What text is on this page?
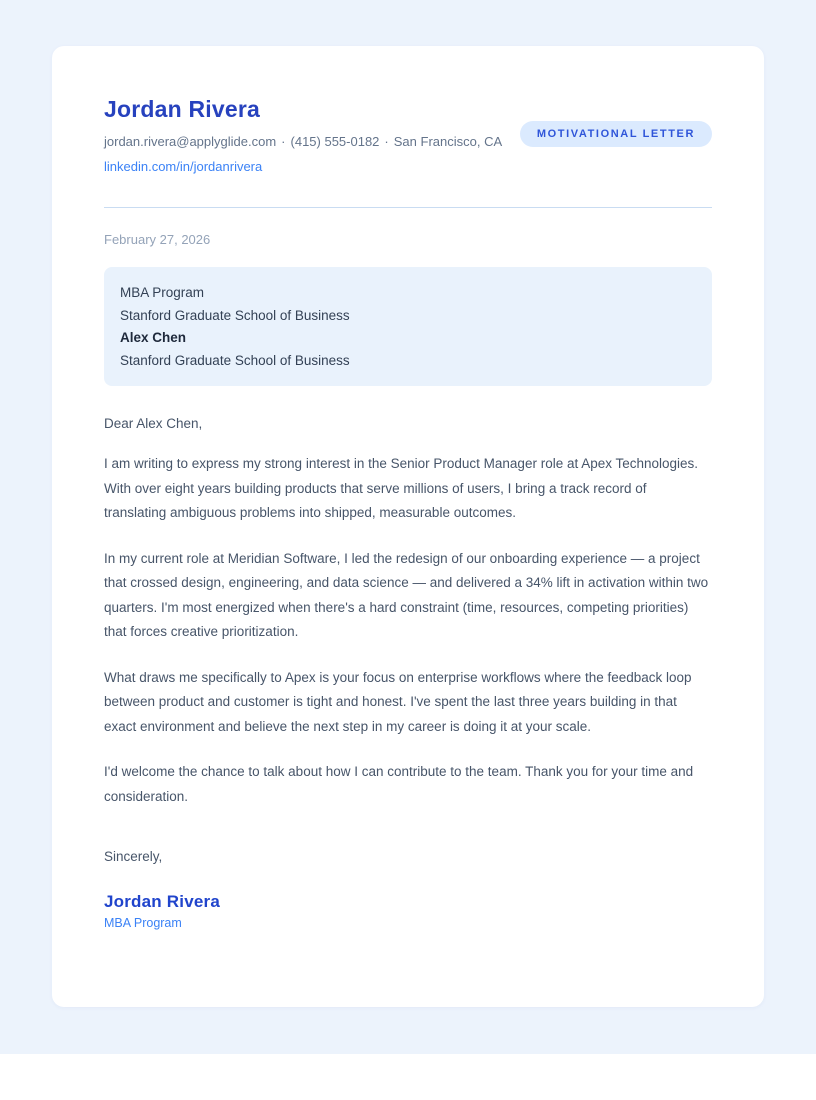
Jordan Rivera
jordan.rivera@applyglide.com · (415) 555-0182 · San Francisco, CA
linkedin.com/in/jordanrivera
MOTIVATIONAL LETTER
February 27, 2026
MBA Program
Stanford Graduate School of Business
Alex Chen
Stanford Graduate School of Business
Dear Alex Chen,

I am writing to express my strong interest in the Senior Product Manager role at Apex Technologies. With over eight years building products that serve millions of users, I bring a track record of translating ambiguous problems into shipped, measurable outcomes.

In my current role at Meridian Software, I led the redesign of our onboarding experience — a project that crossed design, engineering, and data science — and delivered a 34% lift in activation within two quarters. I'm most energized when there's a hard constraint (time, resources, competing priorities) that forces creative prioritization.

What draws me specifically to Apex is your focus on enterprise workflows where the feedback loop between product and customer is tight and honest. I've spent the last three years building in that exact environment and believe the next step in my career is doing it at your scale.

I'd welcome the chance to talk about how I can contribute to the team. Thank you for your time and consideration.

Sincerely,
Jordan Rivera
MBA Program
